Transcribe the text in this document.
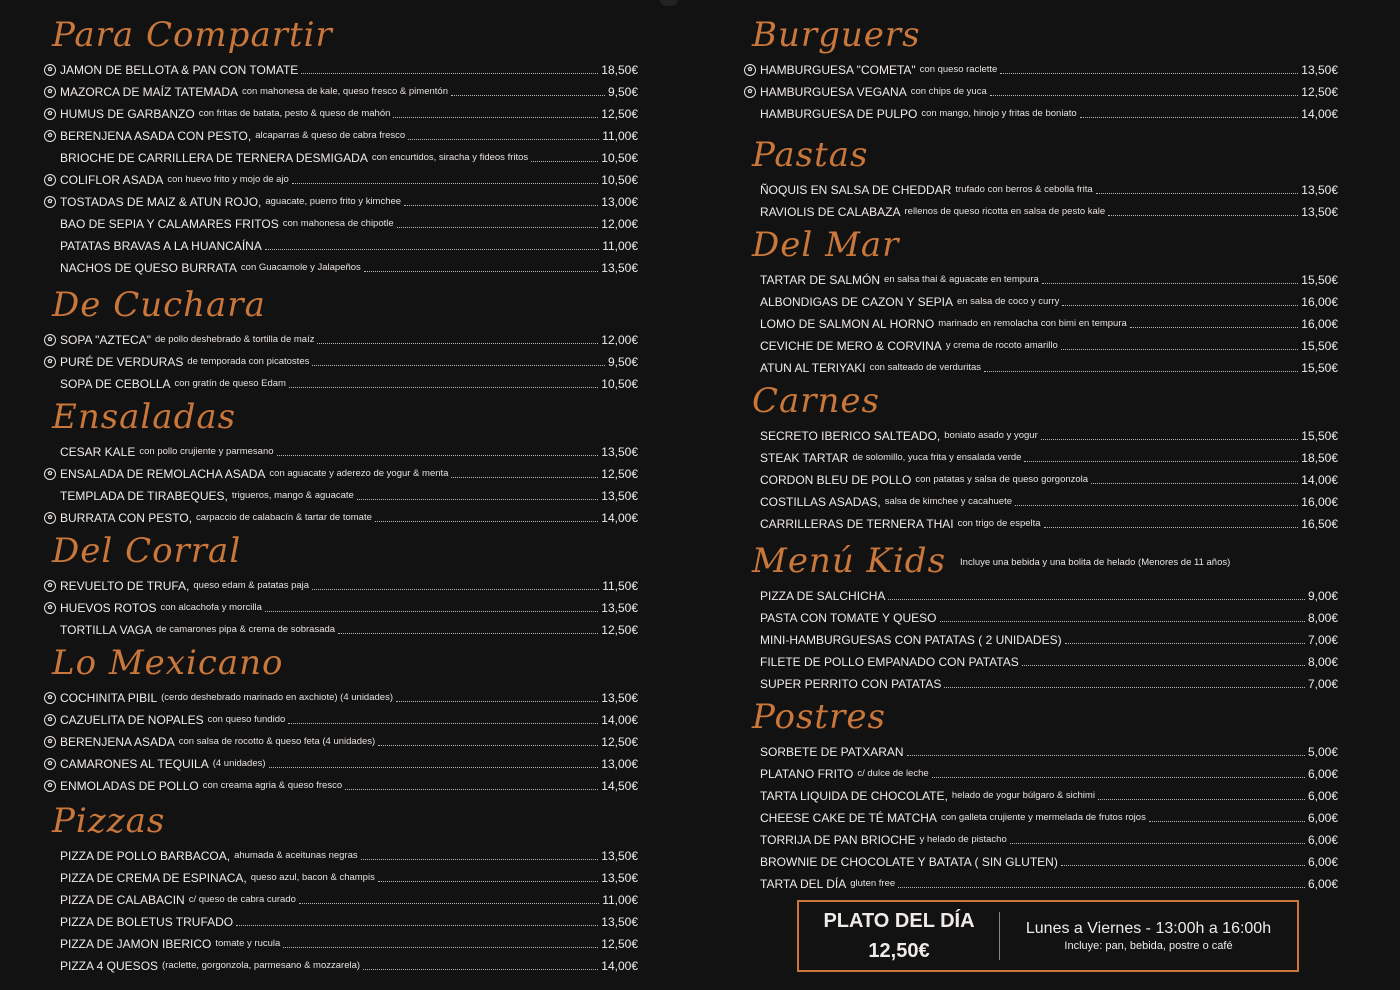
Para Compartir
✿ JAMON DE BELLOTA & PAN CON TOMATE	18,50€
✿ MAZORCA DE MAÍZ TATEMADA con mahonesa de kale, queso fresco & pimentón	9,50€
✿ HUMUS DE GARBANZO con fritas de batata, pesto & queso de mahón	12,50€
✿ BERENJENA ASADA CON PESTO, alcaparras & queso de cabra fresco	11,00€
BRIOCHE DE CARRILLERA DE TERNERA DESMIGADA con encurtidos, siracha y fideos fritos	10,50€
✿ COLIFLOR ASADA con huevo frito y mojo de ajo	10,50€
✿ TOSTADAS DE MAIZ & ATUN ROJO, aguacate, puerro frito y kimchee	13,00€
BAO DE SEPIA Y CALAMARES FRITOS con mahonesa de chipotle	12,00€
PATATAS BRAVAS A LA HUANCAÍNA	11,00€
NACHOS DE QUESO BURRATA con Guacamole y Jalapeños	13,50€
De Cuchara
✿ SOPA "AZTECA" de pollo deshebrado & tortilla de maíz	12,00€
✿ PURÉ DE VERDURAS de temporada con picatostes	9,50€
SOPA DE CEBOLLA con gratín de queso Edam	10,50€
Ensaladas
CESAR KALE con pollo crujiente y parmesano	13,50€
✿ ENSALADA DE REMOLACHA ASADA con aguacate y aderezo de yogur & menta	12,50€
TEMPLADA DE TIRABEQUES, trigueros, mango & aguacate	13,50€
✿ BURRATA CON PESTO, carpaccio de calabacín & tartar de tomate	14,00€
Del Corral
✿ REVUELTO DE TRUFA, queso edam & patatas paja	11,50€
✿ HUEVOS ROTOS con alcachofa y morcilla	13,50€
TORTILLA VAGA de camarones pipa & crema de sobrasada	12,50€
Lo Mexicano
✿ COCHINITA PIBIL (cerdo deshebrado marinado en axchiote) (4 unidades)	13,50€
✿ CAZUELITA DE NOPALES con queso fundido	14,00€
✿ BERENJENA ASADA con salsa de rocotto & queso feta (4 unidades)	12,50€
✿ CAMARONES AL TEQUILA (4 unidades)	13,00€
✿ ENMOLADAS DE POLLO con creama agria & queso fresco	14,50€
Pizzas
PIZZA DE POLLO BARBACOA, ahumada & aceitunas negras	13,50€
PIZZA DE CREMA DE ESPINACA, queso azul, bacon & champis	13,50€
PIZZA DE CALABACIN c/ queso de cabra curado	11,00€
PIZZA DE BOLETUS TRUFADO	13,50€
PIZZA DE JAMON IBERICO tomate y rucula	12,50€
PIZZA 4 QUESOS (raclette, gorgonzola, parmesano & mozzarela)	14,00€
Burguers
✿ HAMBURGUESA "COMETA" con queso raclette	13,50€
✿ HAMBURGUESA VEGANA con chips de yuca	12,50€
HAMBURGUESA DE PULPO con mango, hinojo y fritas de boniato	14,00€
Pastas
ÑOQUIS EN SALSA DE CHEDDAR trufado con berros & cebolla frita	13,50€
RAVIOLIS DE CALABAZA rellenos de queso ricotta en salsa de pesto kale	13,50€
Del Mar
TARTAR DE SALMÓN en salsa thai & aguacate en tempura	15,50€
ALBONDIGAS DE CAZON Y SEPIA en salsa de coco y curry	16,00€
LOMO DE SALMON AL HORNO marinado en remolacha con bimi en tempura	16,00€
CEVICHE DE MERO & CORVINA y crema de rocoto amarillo	15,50€
ATUN AL TERIYAKI con salteado de verduritas	15,50€
Carnes
SECRETO IBERICO SALTEADO, boniato asado y yogur	15,50€
STEAK TARTAR de solomillo, yuca frita y ensalada verde	18,50€
CORDON BLEU DE POLLO con patatas y salsa de queso gorgonzola	14,00€
COSTILLAS ASADAS, salsa de kimchee y cacahuete	16,00€
CARRILLERAS DE TERNERA THAI con trigo de espelta	16,50€
Menú Kids Incluye una bebida y una bolita de helado (Menores de 11 años)
PIZZA DE SALCHICHA	9,00€
PASTA CON TOMATE Y QUESO	8,00€
MINI-HAMBURGUESAS CON PATATAS ( 2 UNIDADES)	7,00€
FILETE DE POLLO EMPANADO CON PATATAS	8,00€
SUPER PERRITO CON PATATAS	7,00€
Postres
SORBETE DE PATXARAN	5,00€
PLATANO FRITO c/ dulce de leche	6,00€
TARTA LIQUIDA DE CHOCOLATE, helado de yogur búlgaro & sichimi	6,00€
CHEESE CAKE DE TÉ MATCHA con galleta crujiente y mermelada de frutos rojos	6,00€
TORRIJA DE PAN BRIOCHE y helado de pistacho	6,00€
BROWNIE DE CHOCOLATE Y BATATA ( SIN GLUTEN)	6,00€
TARTA DEL DÍA gluten free	6,00€
PLATO DEL DÍA
12,50€
Lunes a Viernes - 13:00h a 16:00h
Incluye: pan, bebida, postre o café
